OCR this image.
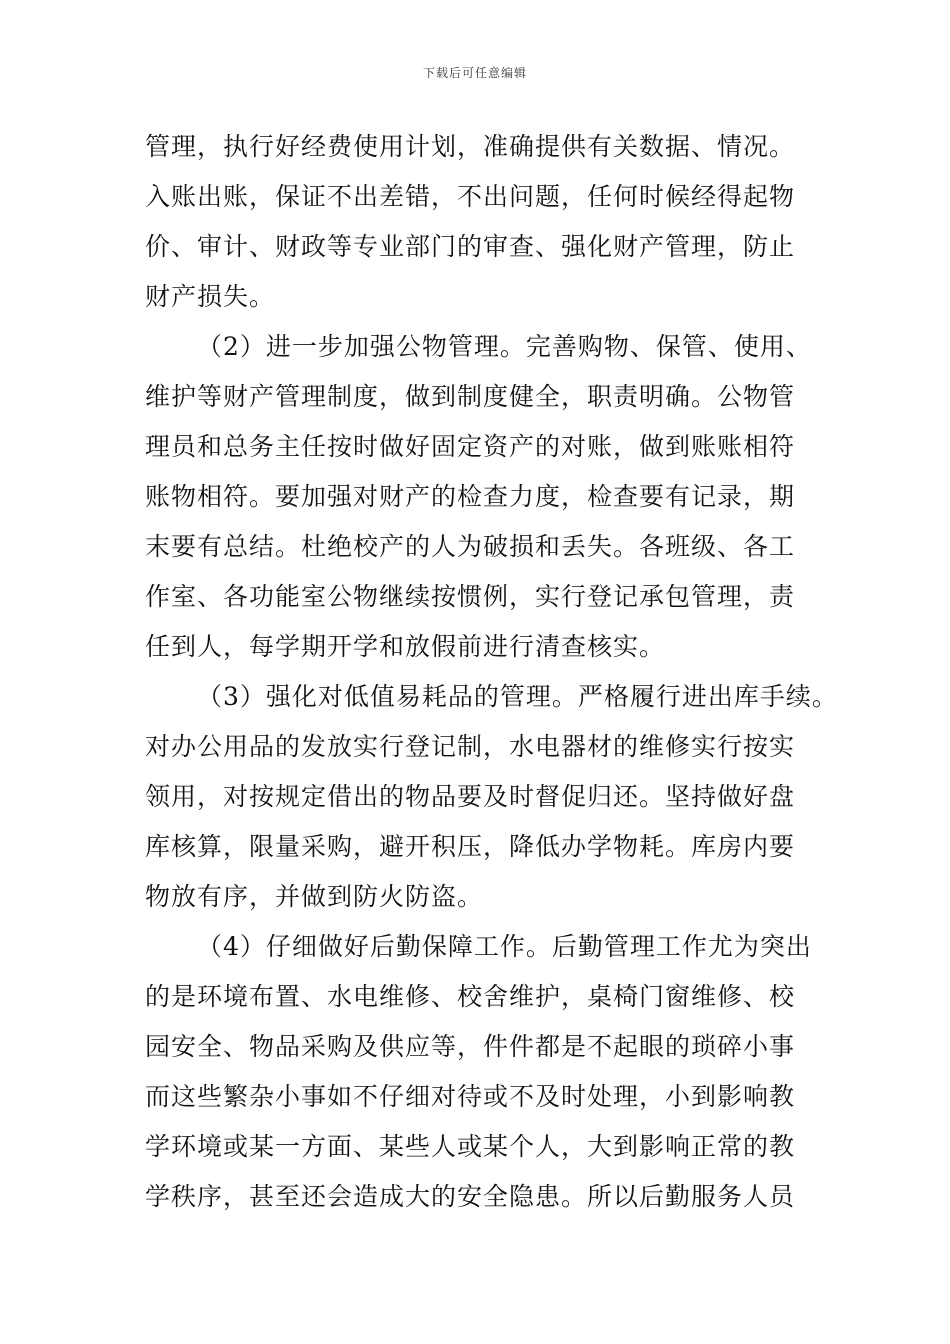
下载后可任意编辑
管理，执行好经费使用计划，准确提供有关数据、情况。
入账出账，保证不出差错，不出问题，任何时候经得起物
价、审计、财政等专业部门的审查、强化财产管理，防止
财产损失。
（2）进一步加强公物管理。完善购物、保管、使用、
维护等财产管理制度，做到制度健全，职责明确。公物管
理员和总务主任按时做好固定资产的对账，做到账账相符
账物相符。要加强对财产的检查力度，检查要有记录，期
末要有总结。杜绝校产的人为破损和丢失。各班级、各工
作室、各功能室公物继续按惯例，实行登记承包管理，责
任到人，每学期开学和放假前进行清查核实。
（3）强化对低值易耗品的管理。严格履行进出库手续。
对办公用品的发放实行登记制，水电器材的维修实行按实
领用，对按规定借出的物品要及时督促归还。坚持做好盘
库核算，限量采购，避开积压，降低办学物耗。库房内要
物放有序，并做到防火防盗。
（4）仔细做好后勤保障工作。后勤管理工作尤为突出
的是环境布置、水电维修、校舍维护，桌椅门窗维修、校
园安全、物品采购及供应等，件件都是不起眼的琐碎小事
而这些繁杂小事如不仔细对待或不及时处理，小到影响教
学环境或某一方面、某些人或某个人，大到影响正常的教
学秩序，甚至还会造成大的安全隐患。所以后勤服务人员
